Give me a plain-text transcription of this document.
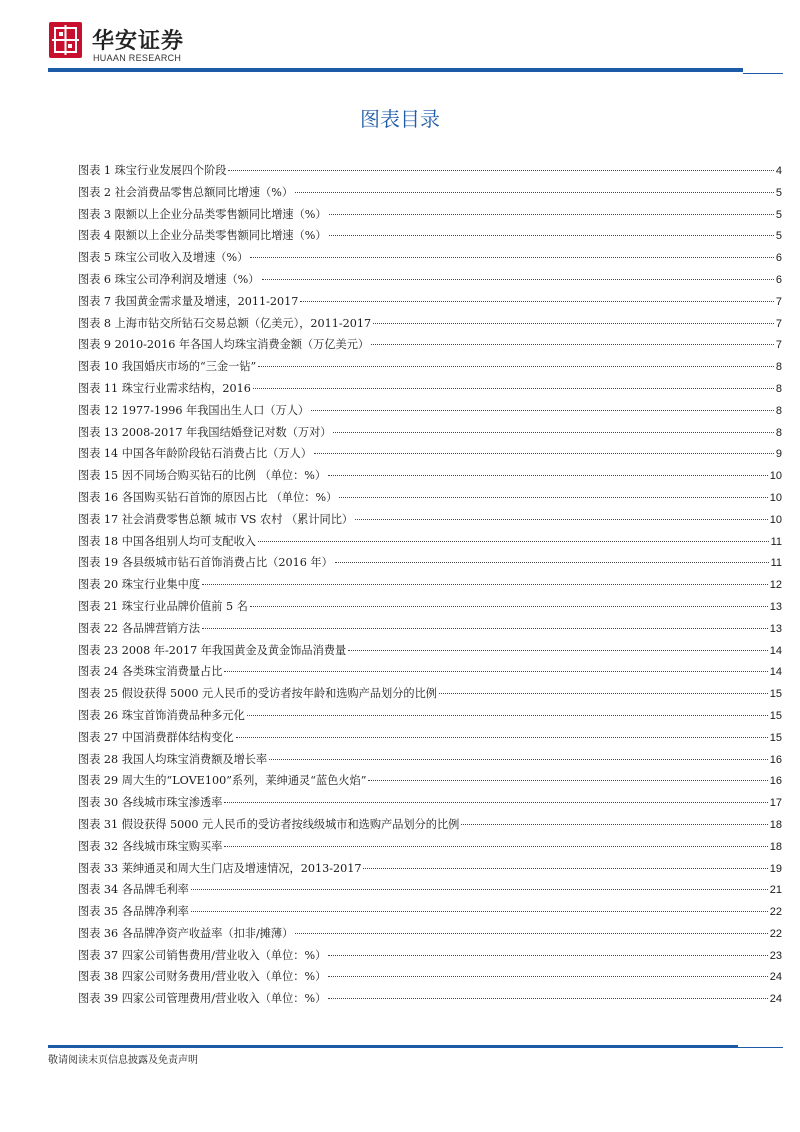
华安证券
HUAAN RESEARCH
图表目录
图表 1 珠宝行业发展四个阶段	4
图表 2 社会消费品零售总额同比增速（%）	5
图表 3 限额以上企业分品类零售额同比增速（%）	5
图表 4 限额以上企业分品类零售额同比增速（%）	5
图表 5 珠宝公司收入及增速（%）	6
图表 6 珠宝公司净利润及增速（%）	6
图表 7 我国黄金需求量及增速，2011-2017	7
图表 8 上海市钻交所钻石交易总额（亿美元），2011-2017	7
图表 9 2010-2016 年各国人均珠宝消费金额（万亿美元）	7
图表 10 我国婚庆市场的“三金一钻”	8
图表 11 珠宝行业需求结构，2016	8
图表 12 1977-1996 年我国出生人口（万人）	8
图表 13 2008-2017 年我国结婚登记对数（万对）	8
图表 14 中国各年龄阶段钻石消费占比（万人）	9
图表 15 因不同场合购买钻石的比例 （单位：%）	10
图表 16 各国购买钻石首饰的原因占比 （单位：%）	10
图表 17 社会消费零售总额 城市 VS 农村 （累计同比）	10
图表 18 中国各组别人均可支配收入	11
图表 19 各县级城市钻石首饰消费占比（2016 年）	11
图表 20 珠宝行业集中度	12
图表 21 珠宝行业品牌价值前 5 名	13
图表 22 各品牌营销方法	13
图表 23 2008 年-2017 年我国黄金及黄金饰品消费量	14
图表 24 各类珠宝消费量占比	14
图表 25 假设获得 5000 元人民币的受访者按年龄和选购产品划分的比例	15
图表 26 珠宝首饰消费品种多元化	15
图表 27 中国消费群体结构变化	15
图表 28 我国人均珠宝消费额及增长率	16
图表 29 周大生的“LOVE100”系列，莱绅通灵“蓝色火焰”	16
图表 30 各线城市珠宝渗透率	17
图表 31 假设获得 5000 元人民币的受访者按线级城市和选购产品划分的比例	18
图表 32 各线城市珠宝购买率	18
图表 33 莱绅通灵和周大生门店及增速情况，2013-2017	19
图表 34 各品牌毛利率	21
图表 35 各品牌净利率	22
图表 36 各品牌净资产收益率（扣非/摊薄）	22
图表 37 四家公司销售费用/营业收入（单位：%）	23
图表 38 四家公司财务费用/营业收入（单位：%）	24
图表 39 四家公司管理费用/营业收入（单位：%）	24
敬请阅读末页信息披露及免责声明
